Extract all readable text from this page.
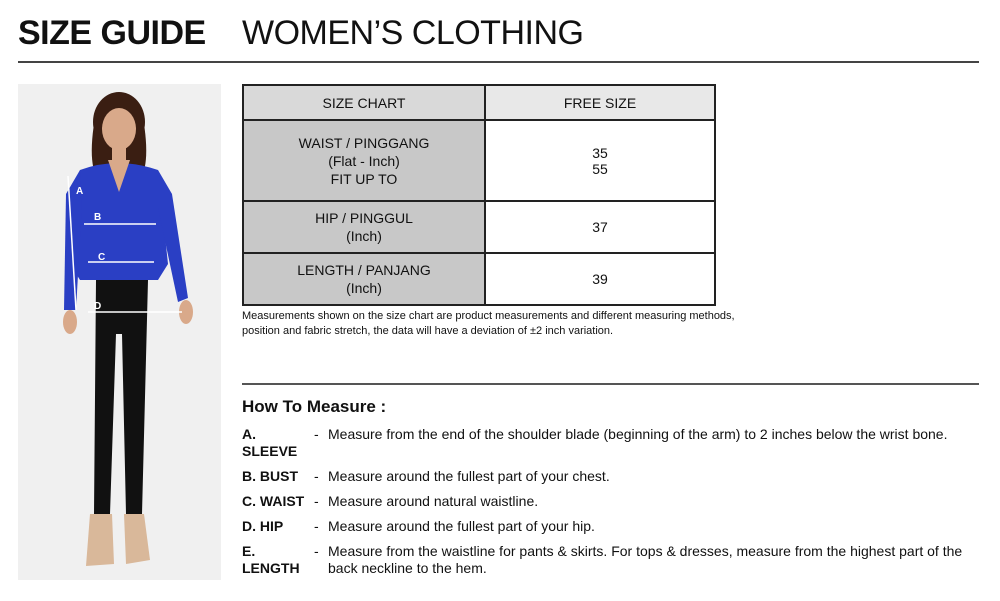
SIZE GUIDE WOMEN’S CLOTHING
A
B
C
D
SIZE CHART	FREE SIZE

WAIST / PINGGANG
(Flat - Inch)
FIT UP TO	35
55

HIP / PINGGUL
(Inch)	37

LENGTH / PANJANG
(Inch)	39
Measurements shown on the size chart are product measurements and different measuring methods, position and fabric stretch, the data will have a deviation of ±2 inch variation.
How To Measure :
A. SLEEVE
- Measure from the end of the shoulder blade (beginning of the arm) to 2 inches below the wrist bone.
B. BUST	- Measure around the fullest part of your chest.
C. WAIST - Measure around natural waistline.
D. HIP	- Measure around the fullest part of your hip.
E. LENGTH
- Measure from the waistline for pants & skirts. For tops & dresses, measure from the highest part of the back neckline to the hem.
